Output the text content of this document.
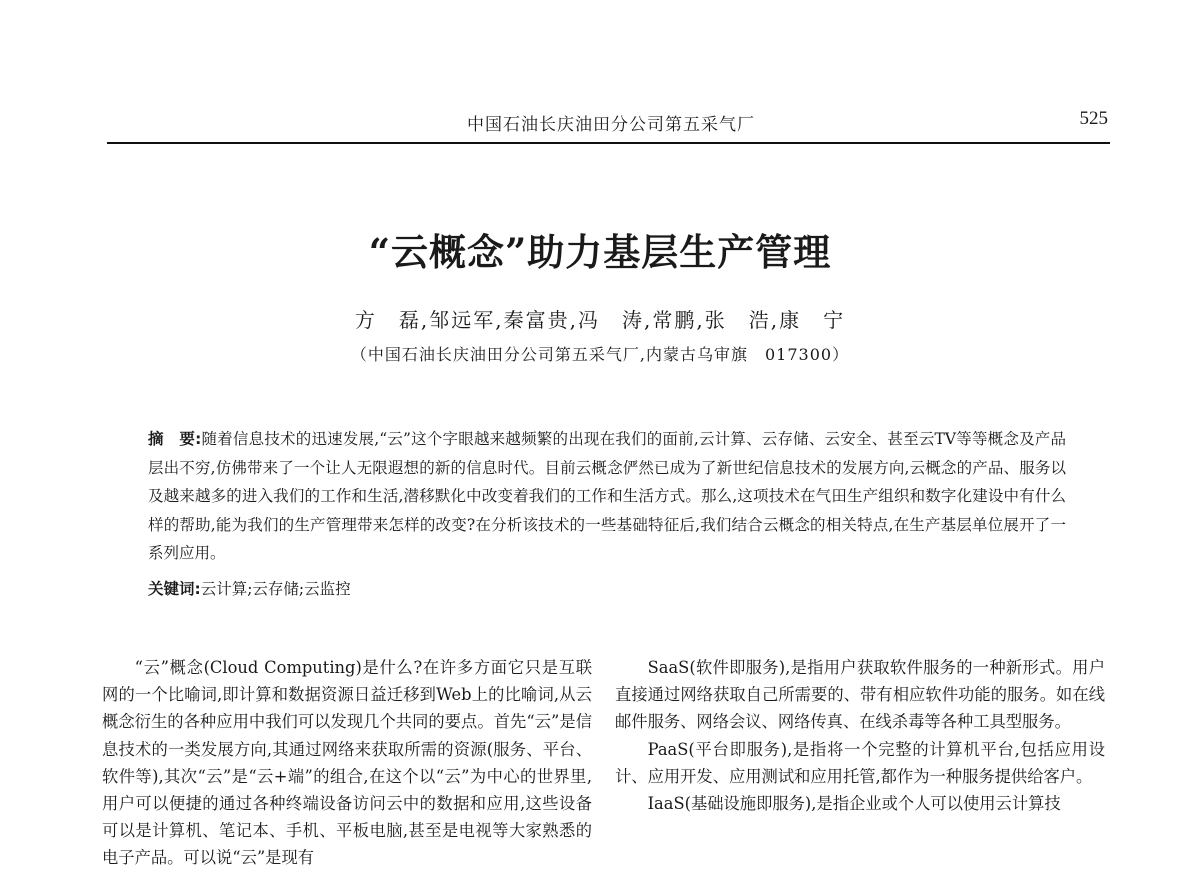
中国石油长庆油田分公司第五采气厂	525
“云概念”助力基层生产管理
方　磊,邹远军,秦富贵,冯　涛,常鹏,张　浩,康　宁
（中国石油长庆油田分公司第五采气厂,内蒙古乌审旗　017300）
摘　要:随着信息技术的迅速发展,“云”这个字眼越来越频繁的出现在我们的面前,云计算、云存储、云安全、甚至云TV等等概念及产品层出不穷,仿佛带来了一个让人无限遐想的新的信息时代。目前云概念俨然已成为了新世纪信息技术的发展方向,云概念的产品、服务以及越来越多的进入我们的工作和生活,潜移默化中改变着我们的工作和生活方式。那么,这项技术在气田生产组织和数字化建设中有什么样的帮助,能为我们的生产管理带来怎样的改变?在分析该技术的一些基础特征后,我们结合云概念的相关特点,在生产基层单位展开了一系列应用。
关键词:云计算;云存储;云监控

“云”概念(Cloud Computing)是什么?在许多方面它只是互联网的一个比喻词,即计算和数据资源日益迁移到Web上的比喻词,从云概念衍生的各种应用中我们可以发现几个共同的要点。首先“云”是信息技术的一类发展方向,其通过网络来获取所需的资源(服务、平台、软件等),其次“云”是“云+端”的组合,在这个以“云”为中心的世界里,用户可以便捷的通过各种终端设备访问云中的数据和应用,这些设备可以是计算机、笔记本、手机、平板电脑,甚至是电视等大家熟悉的电子产品。可以说“云”是现有

SaaS(软件即服务),是指用户获取软件服务的一种新形式。用户直接通过网络获取自己所需要的、带有相应软件功能的服务。如在线邮件服务、网络会议、网络传真、在线杀毒等各种工具型服务。

PaaS(平台即服务),是指将一个完整的计算机平台,包括应用设计、应用开发、应用测试和应用托管,都作为一种服务提供给客户。

IaaS(基础设施即服务),是指企业或个人可以使用云计算技
